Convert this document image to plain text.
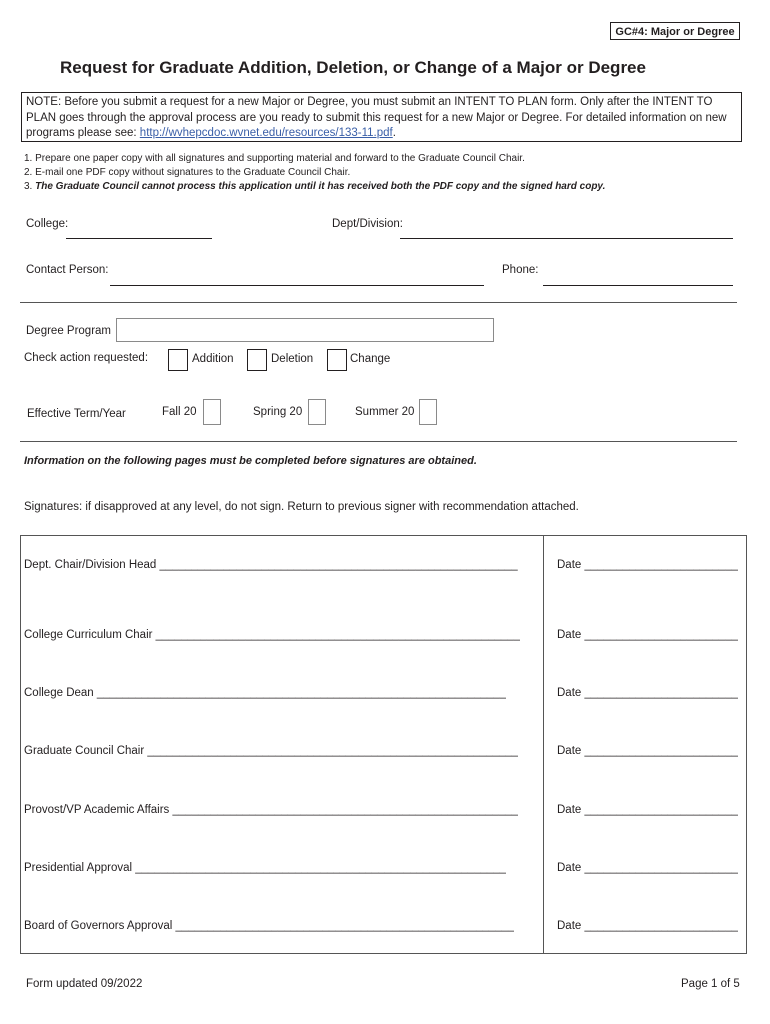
GC#4: Major or Degree
Request for Graduate Addition, Deletion, or Change of a Major or Degree
NOTE: Before you submit a request for a new Major or Degree, you must submit an INTENT TO PLAN form. Only after the INTENT TO PLAN goes through the approval process are you ready to submit this request for a new Major or Degree. For detailed information on new programs please see: http://wvhepcdoc.wvnet.edu/resources/133-11.pdf.
1. Prepare one paper copy with all signatures and supporting material and forward to the Graduate Council Chair.
2. E-mail one PDF copy without signatures to the Graduate Council Chair.
3. The Graduate Council cannot process this application until it has received both the PDF copy and the signed hard copy.
College:	Dept/Division:
Contact Person:	Phone:
Degree Program
Check action requested:	Addition	Deletion	Change
Effective Term/Year	Fall 20	Spring 20	Summer 20
Information on the following pages must be completed before signatures are obtained.
Signatures: if disapproved at any level, do not sign. Return to previous signer with recommendation attached.
Dept. Chair/Division Head ________________________________________________________	Date ________________________
College Curriculum Chair _________________________________________________________	Date ________________________
College Dean ________________________________________________________________	Date ________________________
Graduate Council Chair __________________________________________________________	Date ________________________
Provost/VP Academic Affairs ______________________________________________________	Date ________________________
Presidential Approval __________________________________________________________	Date ________________________
Board of Governors Approval _____________________________________________________	Date ________________________
Form updated 09/2022	Page 1 of 5
